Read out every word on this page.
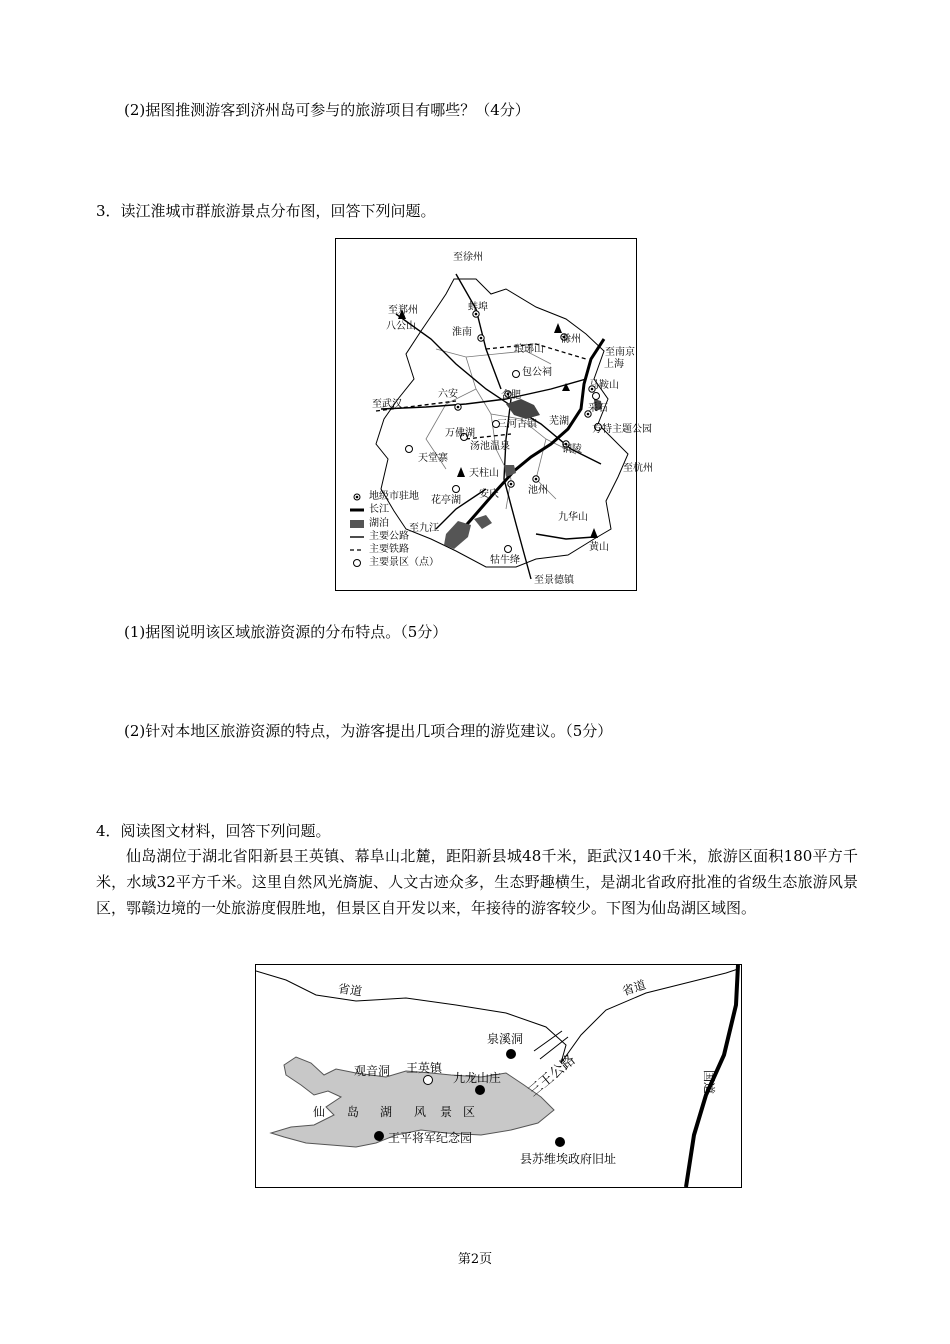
(2)据图推测游客到济州岛可参与的旅游项目有哪些？（4分）
3．读江淮城市群旅游景点分布图，回答下列问题。
至徐州
至郑州	蚌埠
八公山
淮南
琅琊山
滁州
至南京
上海
包公祠
马鞍山
六安	合肥
采石
至武汉
三河古镇 芜湖
方特主题公园
万佛湖
汤池温泉	铜陵
天堂寨
天柱山	至杭州
花亭湖
安庆	池州
至九江
九华山
黄山
牯牛绛
至景德镇
地级市驻地
长江
湖泊
主要公路
主要铁路
主要景区（点）
(1)据图说明该区域旅游资源的分布特点。（5分）
(2)针对本地区旅游资源的特点，为游客提出几项合理的游览建议。（5分）
4．阅读图文材料，回答下列问题。

仙岛湖位于湖北省阳新县王英镇、幕阜山北麓，距阳新县城48千米，距武汉140千米，旅游区面积180平方千米，水域32平方千米。这里自然风光旖旎、人文古迹众多，生态野趣横生，是湖北省政府批准的省级生态旅游风景区，鄂赣边境的一处旅游度假胜地，但景区自开发以来，年接待的游客较少。下图为仙岛湖区域图。

省道	省道
国道
泉溪洞
观音洞 王英镇
九龙山庄 三王公路
仙 岛 湖 风 景 区
王平将军纪念园
县苏维埃政府旧址
第2页
